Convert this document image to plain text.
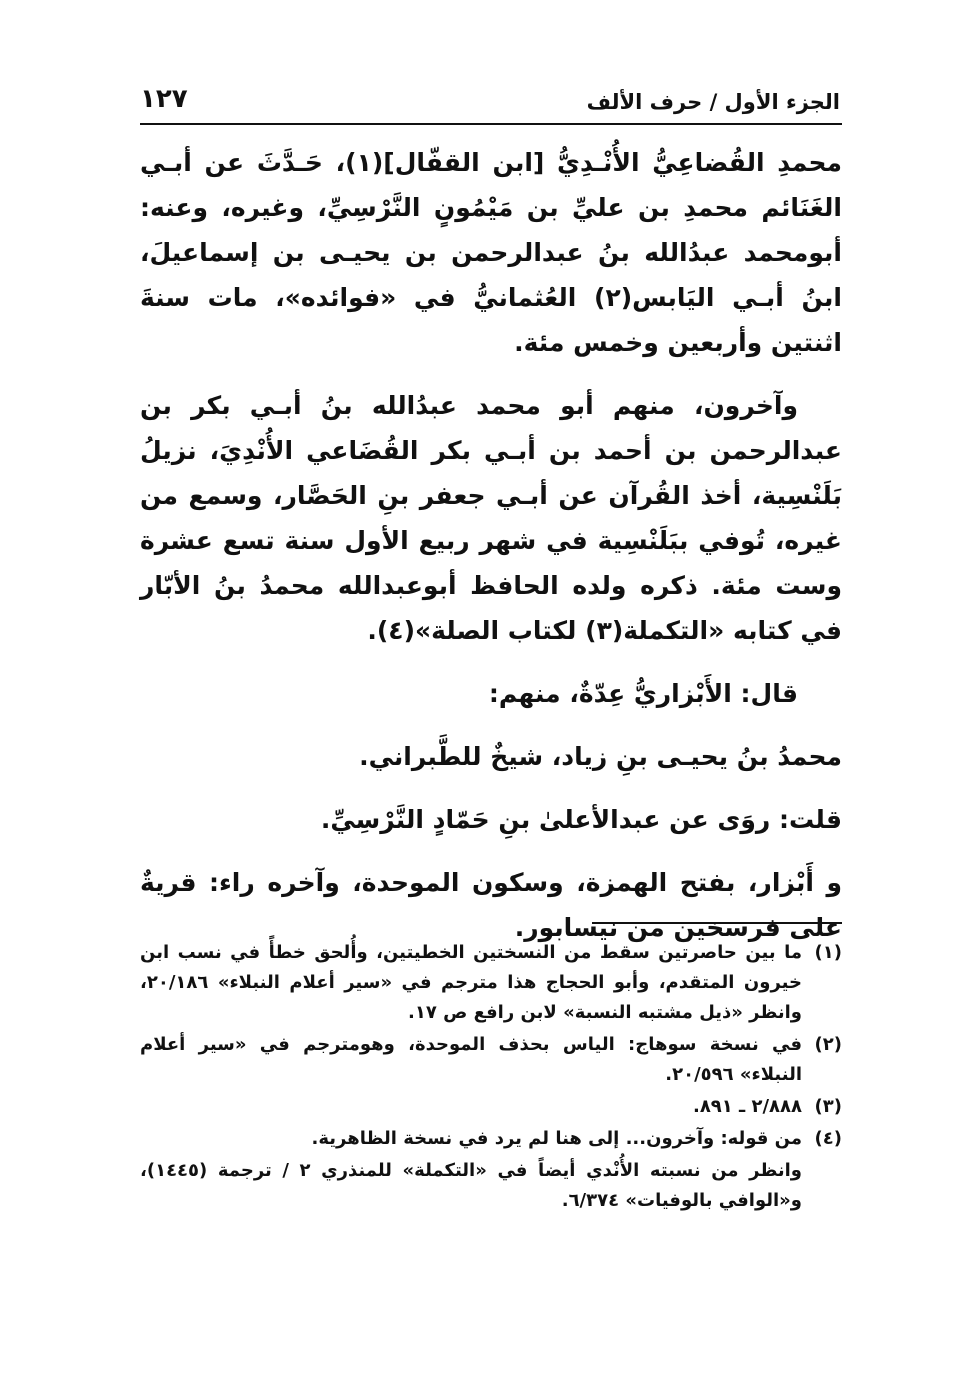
الجزء الأول / حرف الألف
١٢٧

محمدِ القُضاعِيُّ الأُنْـدِيُّ [ابن القفّال](١)، حَـدَّثَ عن أبـي الغَنَائم محمدِ بن عليِّ بن مَيْمُونٍ النَّرْسِيِّ، وغيره، وعنه: أبومحمد عبدُالله بنُ عبدالرحمن بن يحيـى بن إسماعيلَ، ابنُ أبـي اليَابس(٢) العُثمانيُّ في «فوائده»، مات سنةَ اثنتين وأربعين وخمس مئة.

وآخرون، منهم أبو محمد عبدُالله بنُ أبـي بكر بن عبدالرحمن بن أحمد بن أبـي بكر القُضَاعي الأُنْدِيَ، نزيلُ بَلَنْسِية، أخذ القُرآن عن أبـي جعفر بنِ الحَصَّار، وسمع من غيره، تُوفي ببَلَنْسِية في شهر ربيع الأول سنة تسع عشرة وست مئة. ذكره ولده الحافظ أبوعبدالله محمدُ بنُ الأبّار في كتابه «التكملة(٣) لكتاب الصلة»(٤).

قال: الأَبْزاريُّ عِدّةٌ، منهم:

محمدُ بنُ يحيـى بنِ زياد، شيخٌ للطَّبراني.

قلت: روَى عن عبدالأعلىٰ بنِ حَمّادٍ النَّرْسِيِّ.

و أَبْزار، بفتح الهمزة، وسكون الموحدة، وآخره راء: قريةٌ على فرسخين من نيسابور.

(١)
ما بين حاصرتين سقط من النسختين الخطيتين، وأُلحق خطأً في نسب ابن خيرون المتقدم، وأبو الحجاج هذا مترجم في «سير أعلام النبلاء» ٢٠/١٨٦، وانظر «ذيل مشتبه النسبة» لابن رافع ص ١٧.
(٢)
في نسخة سوهاج: الياس بحذف الموحدة، وهومترجم في «سير أعلام النبلاء» ٢٠/٥٩٦.
(٣)
٢/٨٨٨ ـ ٨٩١.
(٤)
من قوله: وآخرون... إلى هنا لم يرد في نسخة الظاهرية.
وانظر من نسبته الأُنْدي أيضاً في «التكملة» للمنذري ٢ / ترجمة (١٤٤٥)، و«الوافي بالوفيات» ٦/٣٧٤.
